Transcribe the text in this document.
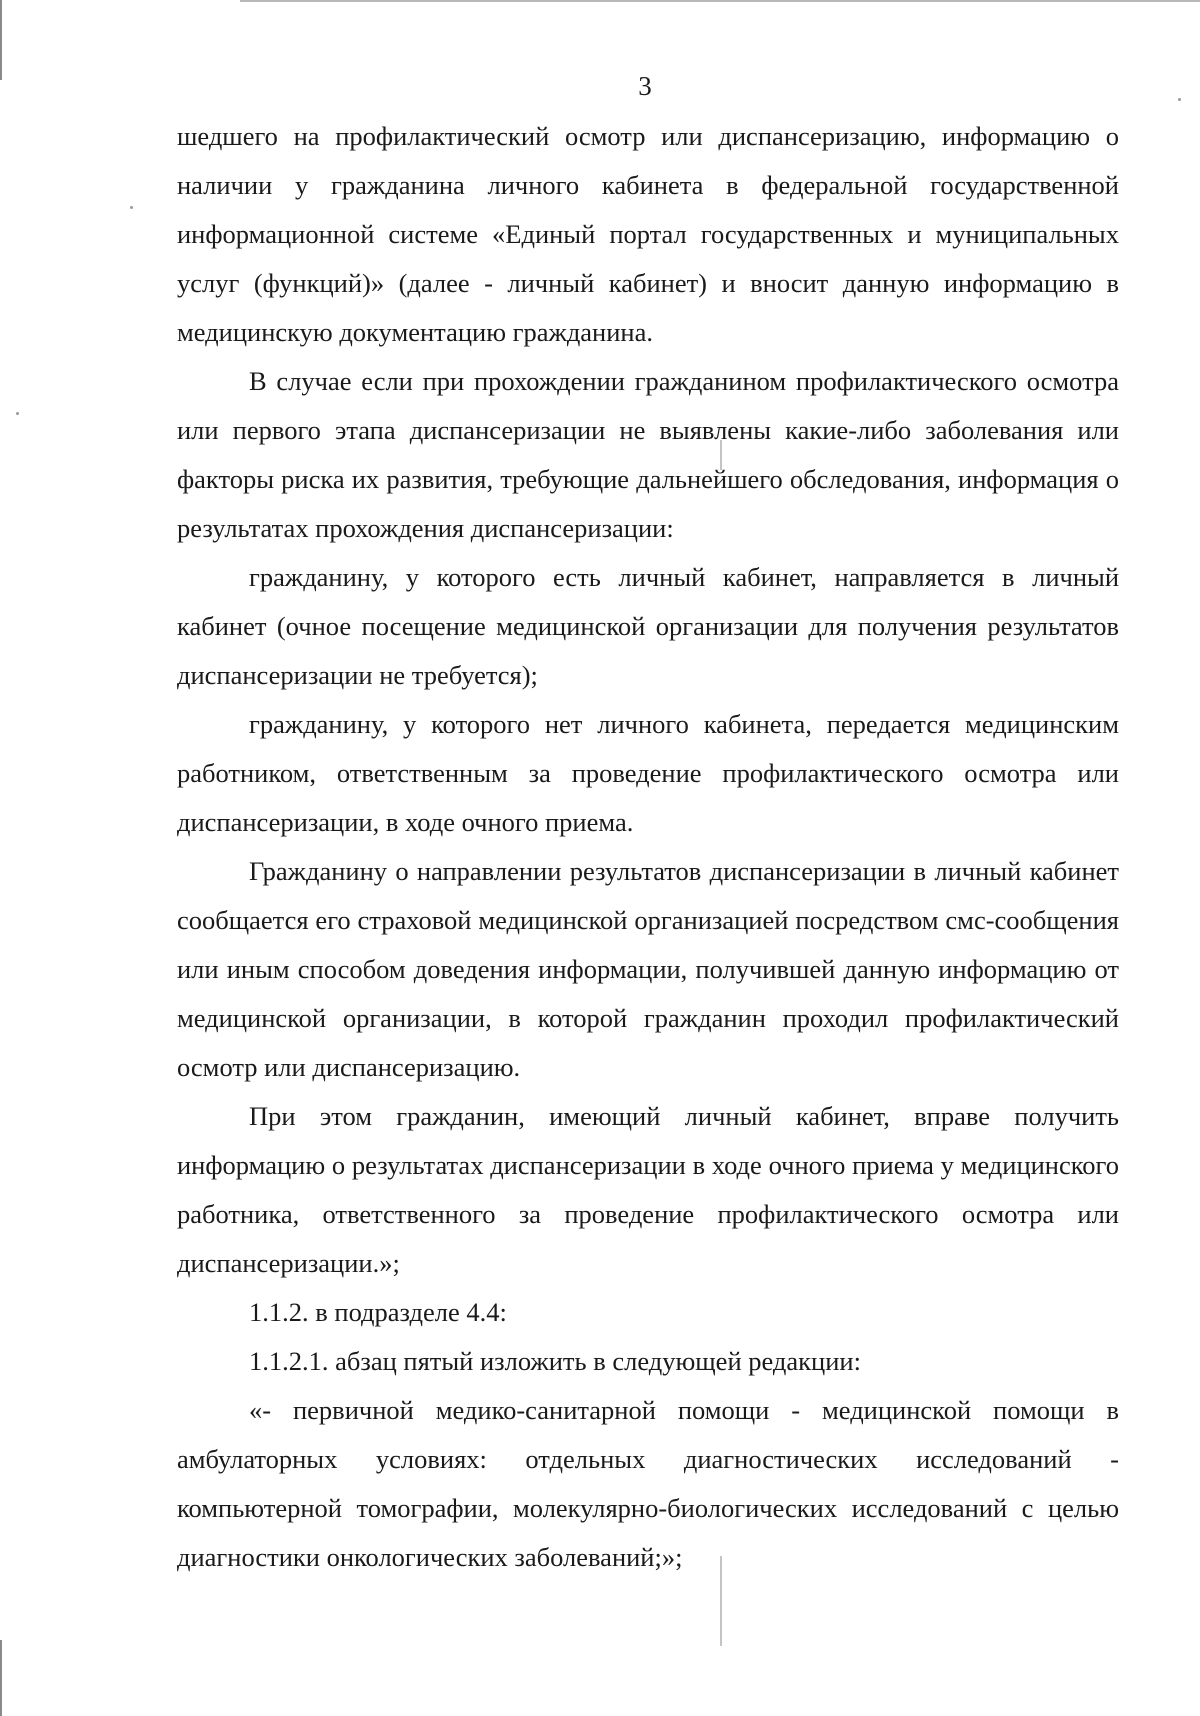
3

шедшего на профилактический осмотр или диспансеризацию, информацию о наличии у гражданина личного кабинета в федеральной государственной информационной системе «Единый портал государственных и муниципальных услуг (функций)» (далее - личный кабинет) и вносит данную информацию в медицинскую документацию гражданина.

В случае если при прохождении гражданином профилактического осмотра или первого этапа диспансеризации не выявлены какие-либо заболевания или факторы риска их развития, требующие дальнейшего обследования, информация о результатах прохождения диспансеризации:

гражданину, у которого есть личный кабинет, направляется в личный кабинет (очное посещение медицинской организации для получения результатов диспансеризации не требуется);

гражданину, у которого нет личного кабинета, передается медицинским работником, ответственным за проведение профилактического осмотра или диспансеризации, в ходе очного приема.

Гражданину о направлении результатов диспансеризации в личный кабинет сообщается его страховой медицинской организацией посредством смс-сообщения или иным способом доведения информации, получившей данную информацию от медицинской организации, в которой гражданин проходил профилактический осмотр или диспансеризацию.

При этом гражданин, имеющий личный кабинет, вправе получить информацию о результатах диспансеризации в ходе очного приема у медицинского работника, ответственного за проведение профилактического осмотра или диспансеризации.»;

1.1.2. в подразделе 4.4:

1.1.2.1. абзац пятый изложить в следующей редакции:

«- первичной медико-санитарной помощи - медицинской помощи в амбулаторных условиях: отдельных диагностических исследований - компьютерной томографии, молекулярно-биологических исследований с целью диагностики онкологических заболеваний;»;
